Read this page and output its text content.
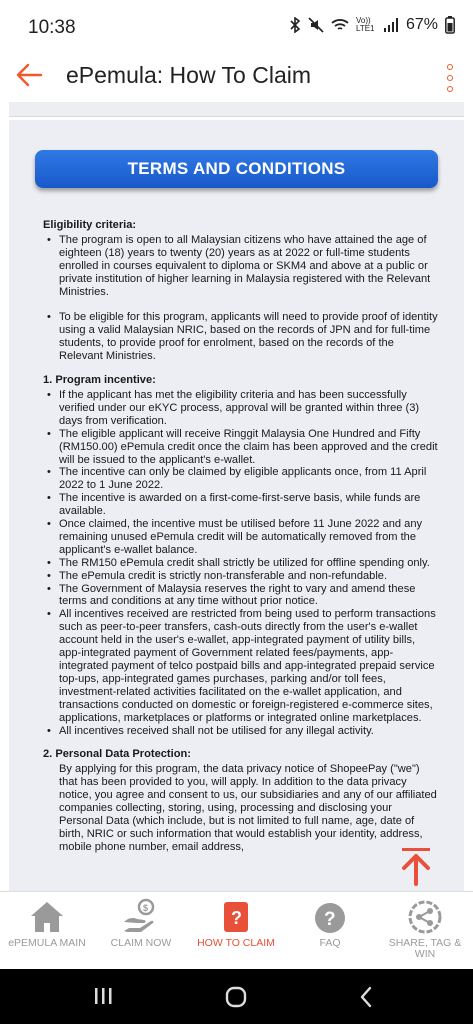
10:38	Vo)) LTE1 67%
ePemula: How To Claim
TERMS AND CONDITIONS
Eligibility criteria:
• The program is open to all Malaysian citizens who have attained the age of eighteen (18) years to twenty (20) years as at 2022 or full-time students enrolled in courses equivalent to diploma or SKM4 and above at a public or private institution of higher learning in Malaysia registered with the Relevant Ministries.
• To be eligible for this program, applicants will need to provide proof of identity using a valid Malaysian NRIC, based on the records of JPN and for full-time students, to provide proof for enrolment, based on the records of the Relevant Ministries.
1. Program incentive:
• If the applicant has met the eligibility criteria and has been successfully verified under our eKYC process, approval will be granted within three (3) days from verification.
• The eligible applicant will receive Ringgit Malaysia One Hundred and Fifty (RM150.00) ePemula credit once the claim has been approved and the credit will be issued to the applicant's e-wallet.
• The incentive can only be claimed by eligible applicants once, from 11 April 2022 to 1 June 2022.
• The incentive is awarded on a first-come-first-serve basis, while funds are available.
• Once claimed, the incentive must be utilised before 11 June 2022 and any remaining unused ePemula credit will be automatically removed from the applicant's e-wallet balance.
• The RM150 ePemula credit shall strictly be utilized for offline spending only.
• The ePemula credit is strictly non-transferable and non-refundable.
• The Government of Malaysia reserves the right to vary and amend these terms and conditions at any time without prior notice.
• All incentives received are restricted from being used to perform transactions such as peer-to-peer transfers, cash-outs directly from the user's e-wallet account held in the user's e-wallet, app-integrated payment of utility bills, app-integrated payment of Government related fees/payments, app-integrated payment of telco postpaid bills and app-integrated prepaid service top-ups, app-integrated games purchases, parking and/or toll fees, investment-related activities facilitated on the e-wallet application, and transactions conducted on domestic or foreign-registered e-commerce sites, applications, marketplaces or platforms or integrated online marketplaces.
• All incentives received shall not be utilised for any illegal activity.
2. Personal Data Protection:

By applying for this program, the data privacy notice of ShopeePay ("we") that has been provided to you, will apply. In addition to the data privacy notice, you agree and consent to us, our subsidiaries and any of our affiliated companies collecting, storing, using, processing and disclosing your Personal Data (which include, but is not limited to full name, age, date of birth, NRIC or such information that would establish your identity, address, mobile phone number, email address,

ePEMULA MAIN
$
CLAIM NOW
?
HOW TO CLAIM
?
FAQ	SHARE, TAG & WIN
